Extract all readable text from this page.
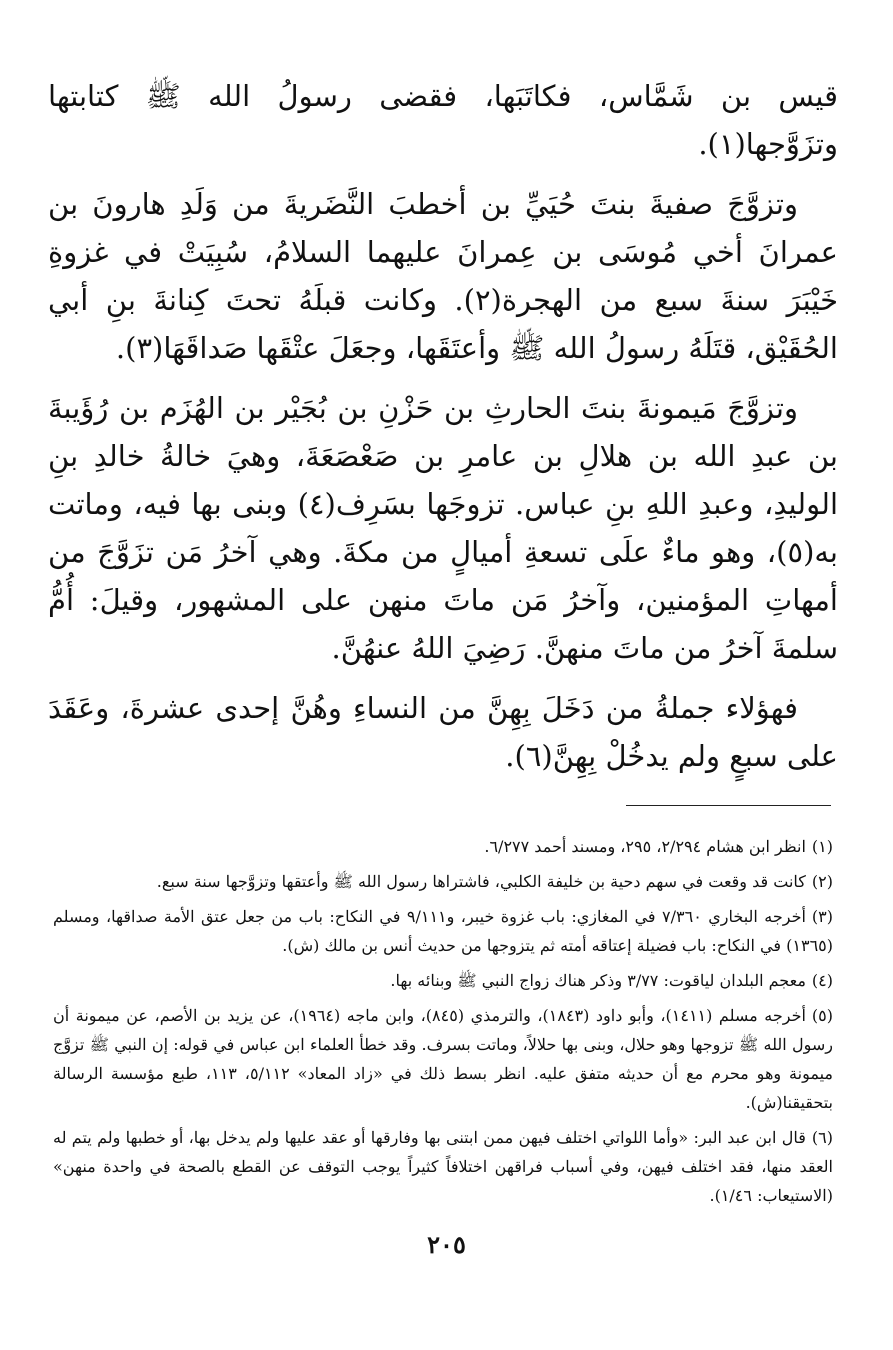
قيس بن شَمَّاس، فكاتَبَها، فقضى رسولُ الله ﷺ كتابتها وتزَوَّجها(١).

وتزوَّجَ صفيةَ بنتَ حُيَيِّ بن أخطبَ النَّضَريةَ من وَلَدِ هارونَ بن عمرانَ أخي مُوسَى بن عِمرانَ عليهما السلامُ، سُبِيَتْ في غزوةِ خَيْبَرَ سنةَ سبع من الهجرة(٢). وكانت قبلَهُ تحتَ كِنانةَ بنِ أبي الحُقَيْق، قتَلَهُ رسولُ الله ﷺ وأعتَقَها، وجعَلَ عتْقَها صَداقَهَا(٣).

وتزوَّجَ مَيمونةَ بنتَ الحارثِ بن حَزْنِ بن بُجَيْر بن الهُزَم بن رُؤَيبةَ بن عبدِ الله بن هلالِ بن عامرِ بن صَعْصَعَةَ، وهيَ خالةُ خالدِ بنِ الوليدِ، وعبدِ اللهِ بنِ عباس. تزوجَها بسَرِف(٤) وبنى بها فيه، وماتت به(٥)، وهو ماءٌ علَى تسعةِ أميالٍ من مكةَ. وهي آخرُ مَن تزَوَّجَ من أمهاتِ المؤمنين، وآخرُ مَن ماتَ منهن على المشهور، وقيلَ: أُمُّ سلمةَ آخرُ من ماتَ منهنَّ. رَضِيَ اللهُ عنهُنَّ.

فهؤلاء جملةُ من دَخَلَ بِهِنَّ من النساءِ وهُنَّ إحدى عشرةَ، وعَقَدَ على سبعٍ ولم يدخُلْ بِهِنَّ(٦).

(١)انظر ابن هشام ٢/٢٩٤، ٢٩٥، ومسند أحمد ٦/٢٧٧.
(٢)كانت قد وقعت في سهم دحية بن خليفة الكلبي، فاشتراها رسول الله ﷺ وأعتقها وتزوَّجها سنة سبع.
(٣)أخرجه البخاري ٧/٣٦٠ في المغازي: باب غزوة خيبر، و٩/١١١ في النكاح: باب من جعل عتق الأمة صداقها، ومسلم (١٣٦٥) في النكاح: باب فضيلة إعتاقه أمته ثم يتزوجها من حديث أنس بن مالك (ش).
(٤)معجم البلدان لياقوت: ٣/٧٧ وذكر هناك زواج النبي ﷺ وبنائه بها.
(٥)أخرجه مسلم (١٤١١)، وأبو داود (١٨٤٣)، والترمذي (٨٤٥)، وابن ماجه (١٩٦٤)، عن يزيد بن الأصم، عن ميمونة أن رسول الله ﷺ تزوجها وهو حلال، وبنى بها حلالاً، وماتت بسرف. وقد خطأ العلماء ابن عباس في قوله: إن النبي ﷺ تزوَّج ميمونة وهو محرم مع أن حديثه متفق عليه. انظر بسط ذلك في «زاد المعاد» ٥/١١٢، ١١٣، طبع مؤسسة الرسالة بتحقيقنا(ش).
(٦)قال ابن عبد البر: «وأما اللواتي اختلف فيهن ممن ابتنى بها وفارقها أو عقد عليها ولم يدخل بها، أو خطبها ولم يتم له العقد منها، فقد اختلف فيهن، وفي أسباب فراقهن اختلافاً كثيراً يوجب التوقف عن القطع بالصحة في واحدة منهن» (الاستيعاب: ١/٤٦).
٢٠٥
